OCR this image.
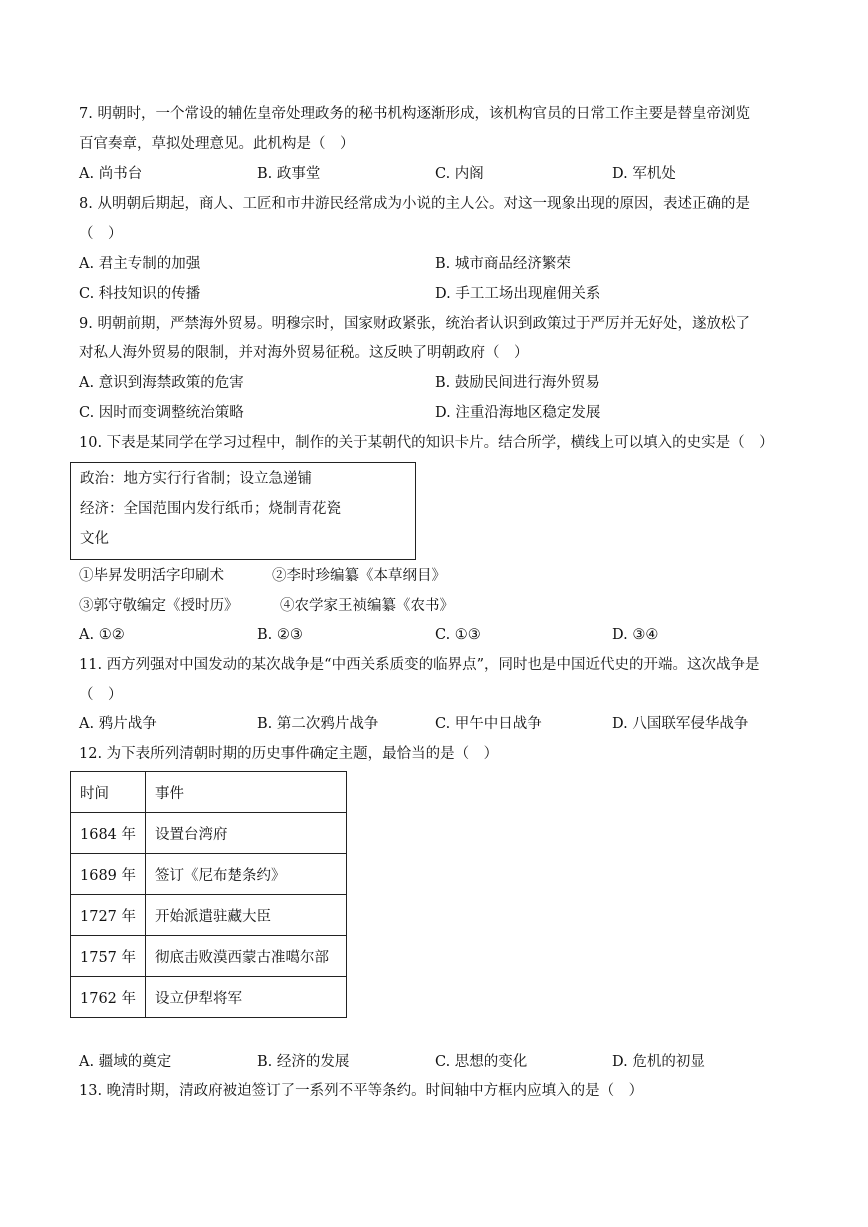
7. 明朝时，一个常设的辅佐皇帝处理政务的秘书机构逐渐形成，该机构官员的日常工作主要是替皇帝浏览
百官奏章，草拟处理意见。此机构是（　）
A. 尚书台	B. 政事堂	C. 内阁	D. 军机处
8. 从明朝后期起，商人、工匠和市井游民经常成为小说的主人公。对这一现象出现的原因，表述正确的是
（　）
A. 君主专制的加强	B. 城市商品经济繁荣
C. 科技知识的传播	D. 手工工场出现雇佣关系
9. 明朝前期，严禁海外贸易。明穆宗时，国家财政紧张，统治者认识到政策过于严厉并无好处，遂放松了
对私人海外贸易的限制，并对海外贸易征税。这反映了明朝政府（　）
A. 意识到海禁政策的危害	B. 鼓励民间进行海外贸易
C. 因时而变调整统治策略	D. 注重沿海地区稳定发展
10. 下表是某同学在学习过程中，制作的关于某朝代的知识卡片。结合所学，横线上可以填入的史实是（　）
政治：地方实行行省制；设立急递铺
经济：全国范围内发行纸币；烧制青花瓷
文化
①毕昇发明活字印刷术	②李时珍编纂《本草纲目》
③郭守敬编定《授时历》	④农学家王祯编纂《农书》
A. ①②	B. ②③	C. ①③	D. ③④
11. 西方列强对中国发动的某次战争是“中西关系质变的临界点”，同时也是中国近代史的开端。这次战争是
（　）
A. 鸦片战争	B. 第二次鸦片战争	C. 甲午中日战争	D. 八国联军侵华战争
12. 为下表所列清朝时期的历史事件确定主题，最恰当的是（　）
时间	事件
1684 年	设置台湾府
1689 年	签订《尼布楚条约》
1727 年	开始派遣驻藏大臣
1757 年	彻底击败漠西蒙古准噶尔部
1762 年	设立伊犁将军
A. 疆域的奠定	B. 经济的发展	C. 思想的变化	D. 危机的初显
13. 晚清时期，清政府被迫签订了一系列不平等条约。时间轴中方框内应填入的是（　）
